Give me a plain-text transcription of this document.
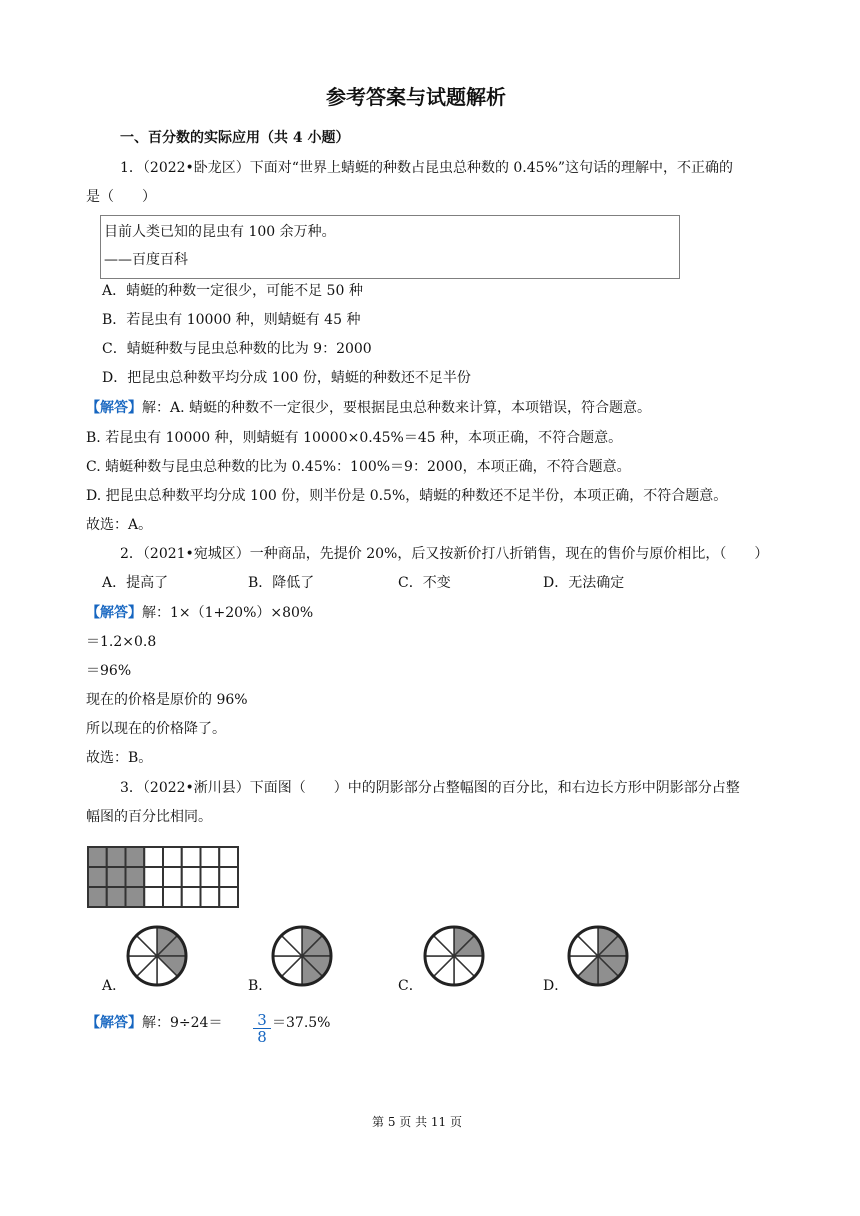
参考答案与试题解析
一、百分数的实际应用（共 4 小题）
1．（2022•卧龙区）下面对“世界上蜻蜓的种数占昆虫总种数的 0.45%”这句话的理解中，不正确的
是（　　）
目前人类已知的昆虫有 100 余万种。
——百度百科
A．蜻蜓的种数一定很少，可能不足 50 种
B．若昆虫有 10000 种，则蜻蜓有 45 种
C．蜻蜓种数与昆虫总种数的比为 9：2000
D．把昆虫总种数平均分成 100 份，蜻蜓的种数还不足半份
【解答】解：A. 蜻蜓的种数不一定很少，要根据昆虫总种数来计算，本项错误，符合题意。
B. 若昆虫有 10000 种，则蜻蜓有 10000×0.45%＝45 种，本项正确，不符合题意。
C. 蜻蜓种数与昆虫总种数的比为 0.45%：100%＝9：2000，本项正确，不符合题意。
D. 把昆虫总种数平均分成 100 份，则半份是 0.5%，蜻蜓的种数还不足半份，本项正确，不符合题意。
故选：A。
2．（2021•宛城区）一种商品，先提价 20%，后又按新价打八折销售，现在的售价与原价相比，（　　）
A．提高了	B．降低了	C．不变	D．无法确定
【解答】解：1×（1+20%）×80%
＝1.2×0.8
＝96%
现在的价格是原价的 96%
所以现在的价格降了。
故选：B。
3．（2022•淅川县）下面图（　　）中的阴影部分占整幅图的百分比，和右边长方形中阴影部分占整
幅图的百分比相同。
A．	B．	C．	D．
【解答】解：9÷24＝ 3
8
＝37.5%
第 5 页 共 11 页
